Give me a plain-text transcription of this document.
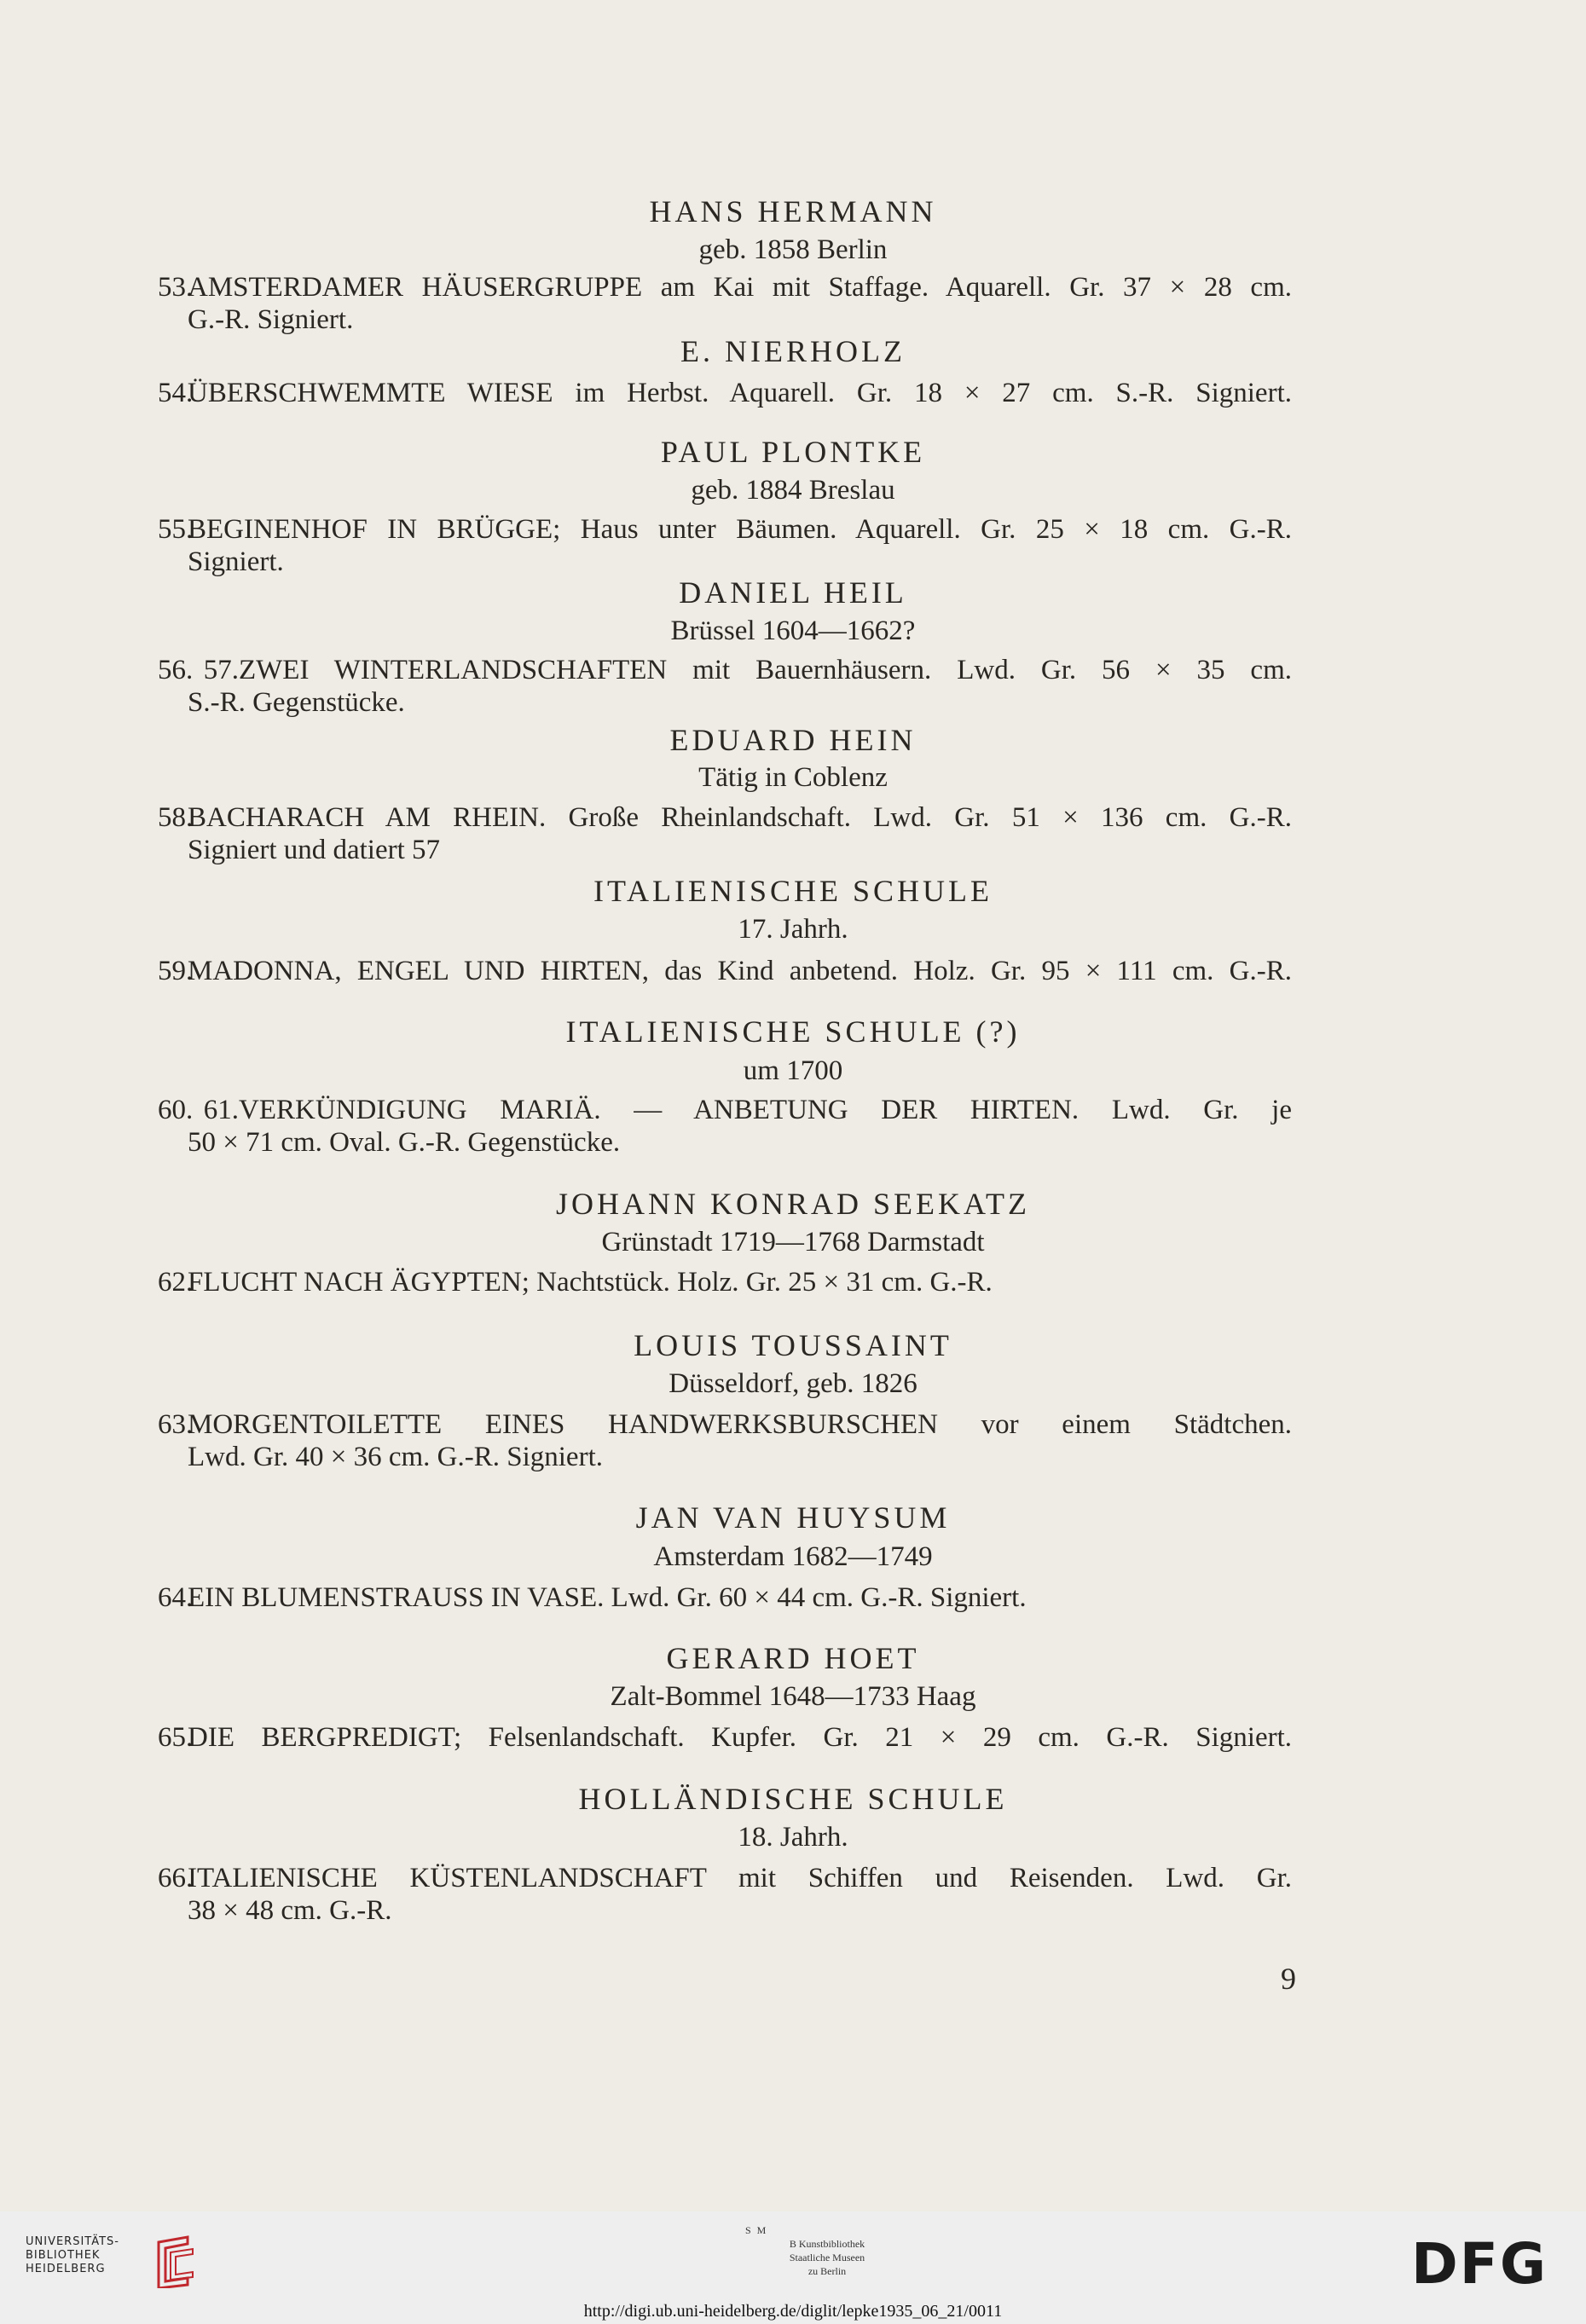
HANS HERMANN
geb. 1858 Berlin
53.AMSTERDAMER HÄUSERGRUPPE am Kai mit Staffage. Aquarell. Gr. 37 × 28 cm.
G.-R. Signiert.
E. NIERHOLZ
54.ÜBERSCHWEMMTE WIESE im Herbst. Aquarell. Gr. 18 × 27 cm. S.-R. Signiert.
PAUL PLONTKE
geb. 1884 Breslau
55.BEGINENHOF IN BRÜGGE; Haus unter Bäumen. Aquarell. Gr. 25 × 18 cm. G.-R.
Signiert.
DANIEL HEIL
Brüssel 1604—1662?
56. 57.ZWEI WINTERLANDSCHAFTEN mit Bauernhäusern. Lwd. Gr. 56 × 35 cm.
S.-R. Gegenstücke.
EDUARD HEIN
Tätig in Coblenz
58.BACHARACH AM RHEIN. Große Rheinlandschaft. Lwd. Gr. 51 × 136 cm. G.-R.
Signiert und datiert 57
ITALIENISCHE SCHULE
17. Jahrh.
59.MADONNA, ENGEL UND HIRTEN, das Kind anbetend. Holz. Gr. 95 × 111 cm. G.-R.
ITALIENISCHE SCHULE (?)
um 1700
60. 61.VERKÜNDIGUNG MARIÄ. — ANBETUNG DER HIRTEN. Lwd. Gr. je
50 × 71 cm. Oval. G.-R. Gegenstücke.
JOHANN KONRAD SEEKATZ
Grünstadt 1719—1768 Darmstadt
62.FLUCHT NACH ÄGYPTEN; Nachtstück. Holz. Gr. 25 × 31 cm. G.-R.
LOUIS TOUSSAINT
Düsseldorf, geb. 1826
63.MORGENTOILETTE EINES HANDWERKSBURSCHEN vor einem Städtchen.
Lwd. Gr. 40 × 36 cm. G.-R. Signiert.
JAN VAN HUYSUM
Amsterdam 1682—1749
64.EIN BLUMENSTRAUSS IN VASE. Lwd. Gr. 60 × 44 cm. G.-R. Signiert.
GERARD HOET
Zalt-Bommel 1648—1733 Haag
65.DIE BERGPREDIGT; Felsenlandschaft. Kupfer. Gr. 21 × 29 cm. G.-R. Signiert.
HOLLÄNDISCHE SCHULE
18. Jahrh.
66.ITALIENISCHE KÜSTENLANDSCHAFT mit Schiffen und Reisenden. Lwd. Gr.
38 × 48 cm. G.-R.
9
UNIVERSITÄTS-
BIBLIOTHEK
HEIDELBERG
S M
B Kunstbibliothek
Staatliche Museen
zu Berlin	DFG
http://digi.ub.uni-heidelberg.de/diglit/lepke1935_06_21/0011
